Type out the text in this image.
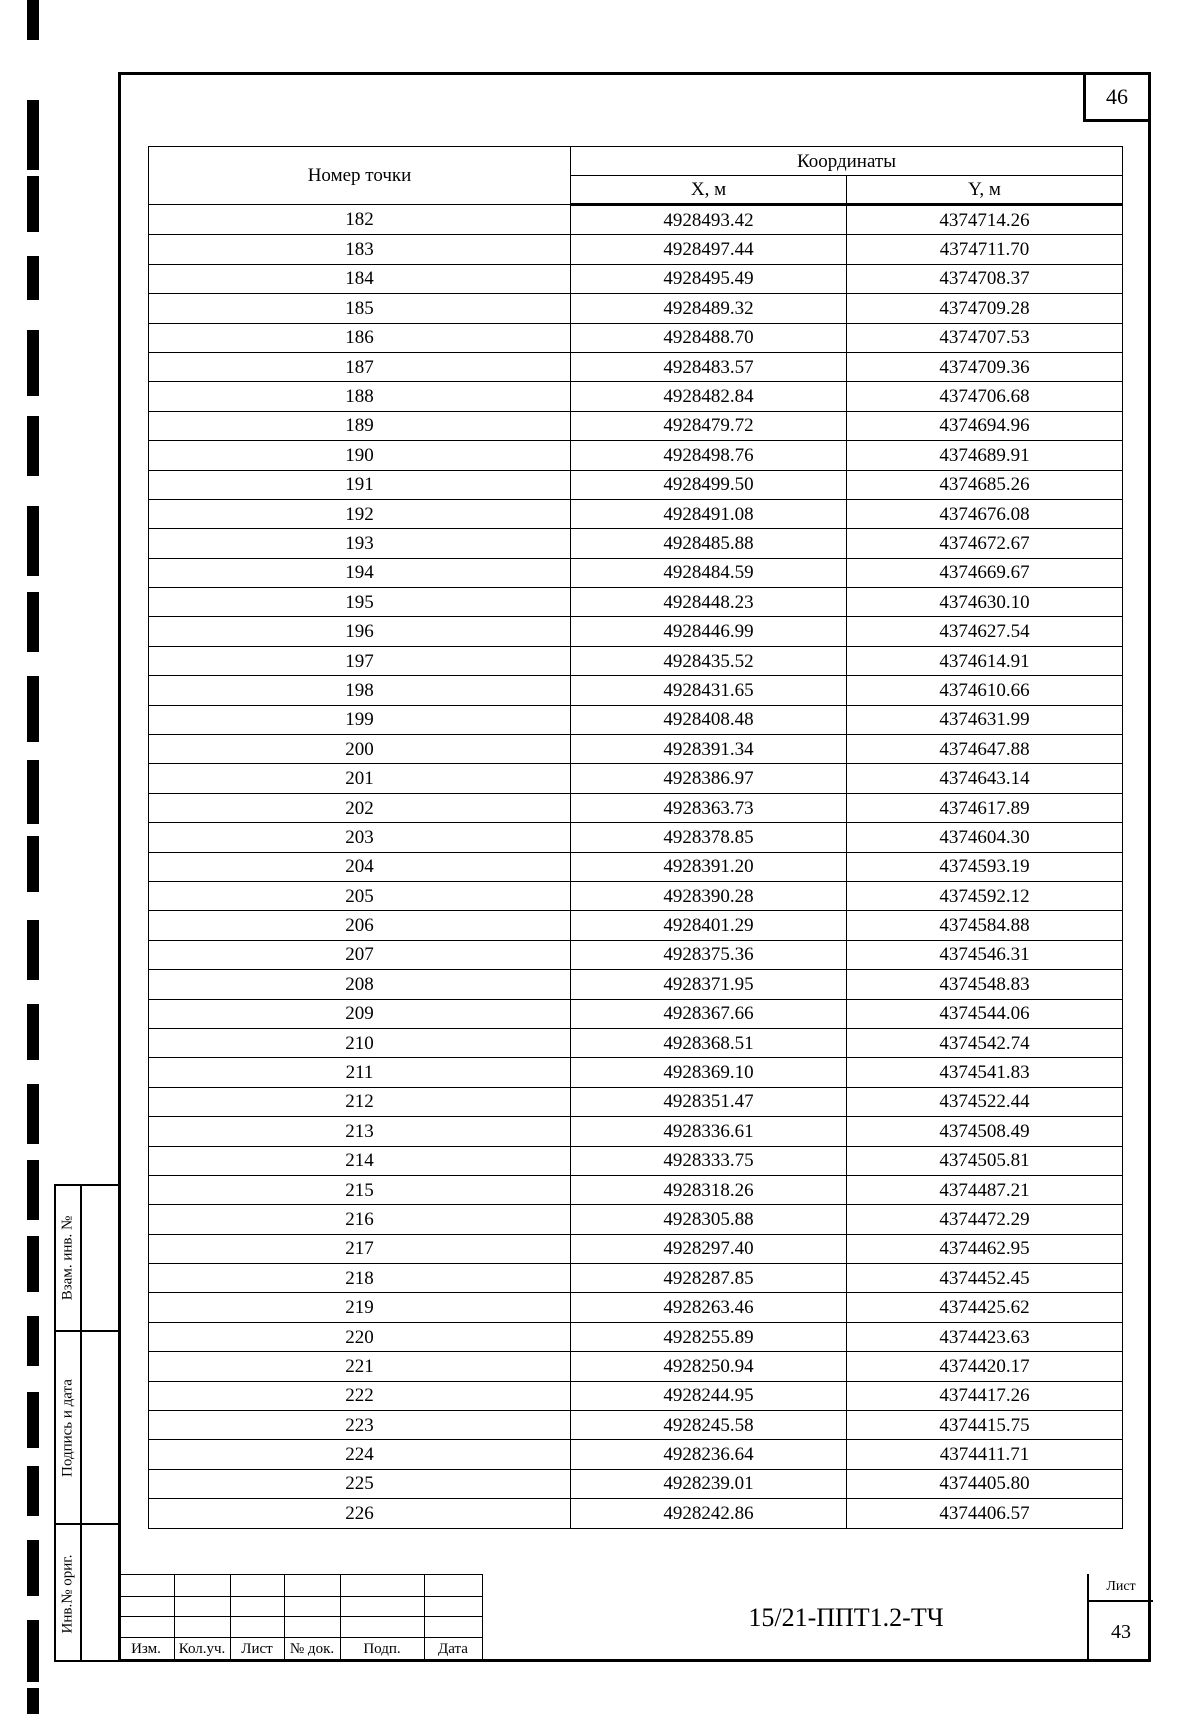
46
Номер точки	Координаты	
	X, м	Y, м
182	4928493.42	4374714.26
183	4928497.44	4374711.70
184	4928495.49	4374708.37
185	4928489.32	4374709.28
186	4928488.70	4374707.53
187	4928483.57	4374709.36
188	4928482.84	4374706.68
189	4928479.72	4374694.96
190	4928498.76	4374689.91
191	4928499.50	4374685.26
192	4928491.08	4374676.08
193	4928485.88	4374672.67
194	4928484.59	4374669.67
195	4928448.23	4374630.10
196	4928446.99	4374627.54
197	4928435.52	4374614.91
198	4928431.65	4374610.66
199	4928408.48	4374631.99
200	4928391.34	4374647.88
201	4928386.97	4374643.14
202	4928363.73	4374617.89
203	4928378.85	4374604.30
204	4928391.20	4374593.19
205	4928390.28	4374592.12
206	4928401.29	4374584.88
207	4928375.36	4374546.31
208	4928371.95	4374548.83
209	4928367.66	4374544.06
210	4928368.51	4374542.74
211	4928369.10	4374541.83
212	4928351.47	4374522.44
213	4928336.61	4374508.49
214	4928333.75	4374505.81
215	4928318.26	4374487.21
216	4928305.88	4374472.29
217	4928297.40	4374462.95
218	4928287.85	4374452.45
219	4928263.46	4374425.62
220	4928255.89	4374423.63
221	4928250.94	4374420.17
222	4928244.95	4374417.26
223	4928245.58	4374415.75
224	4928236.64	4374411.71
225	4928239.01	4374405.80
226	4928242.86	4374406.57
Взам. инв. №
Подпись и дата
Инв.№ ориг.
Изм.	Кол.уч.	Лист	№ док.	Подп.	Дата
15/21-ППТ1.2-ТЧ
Лист
43
